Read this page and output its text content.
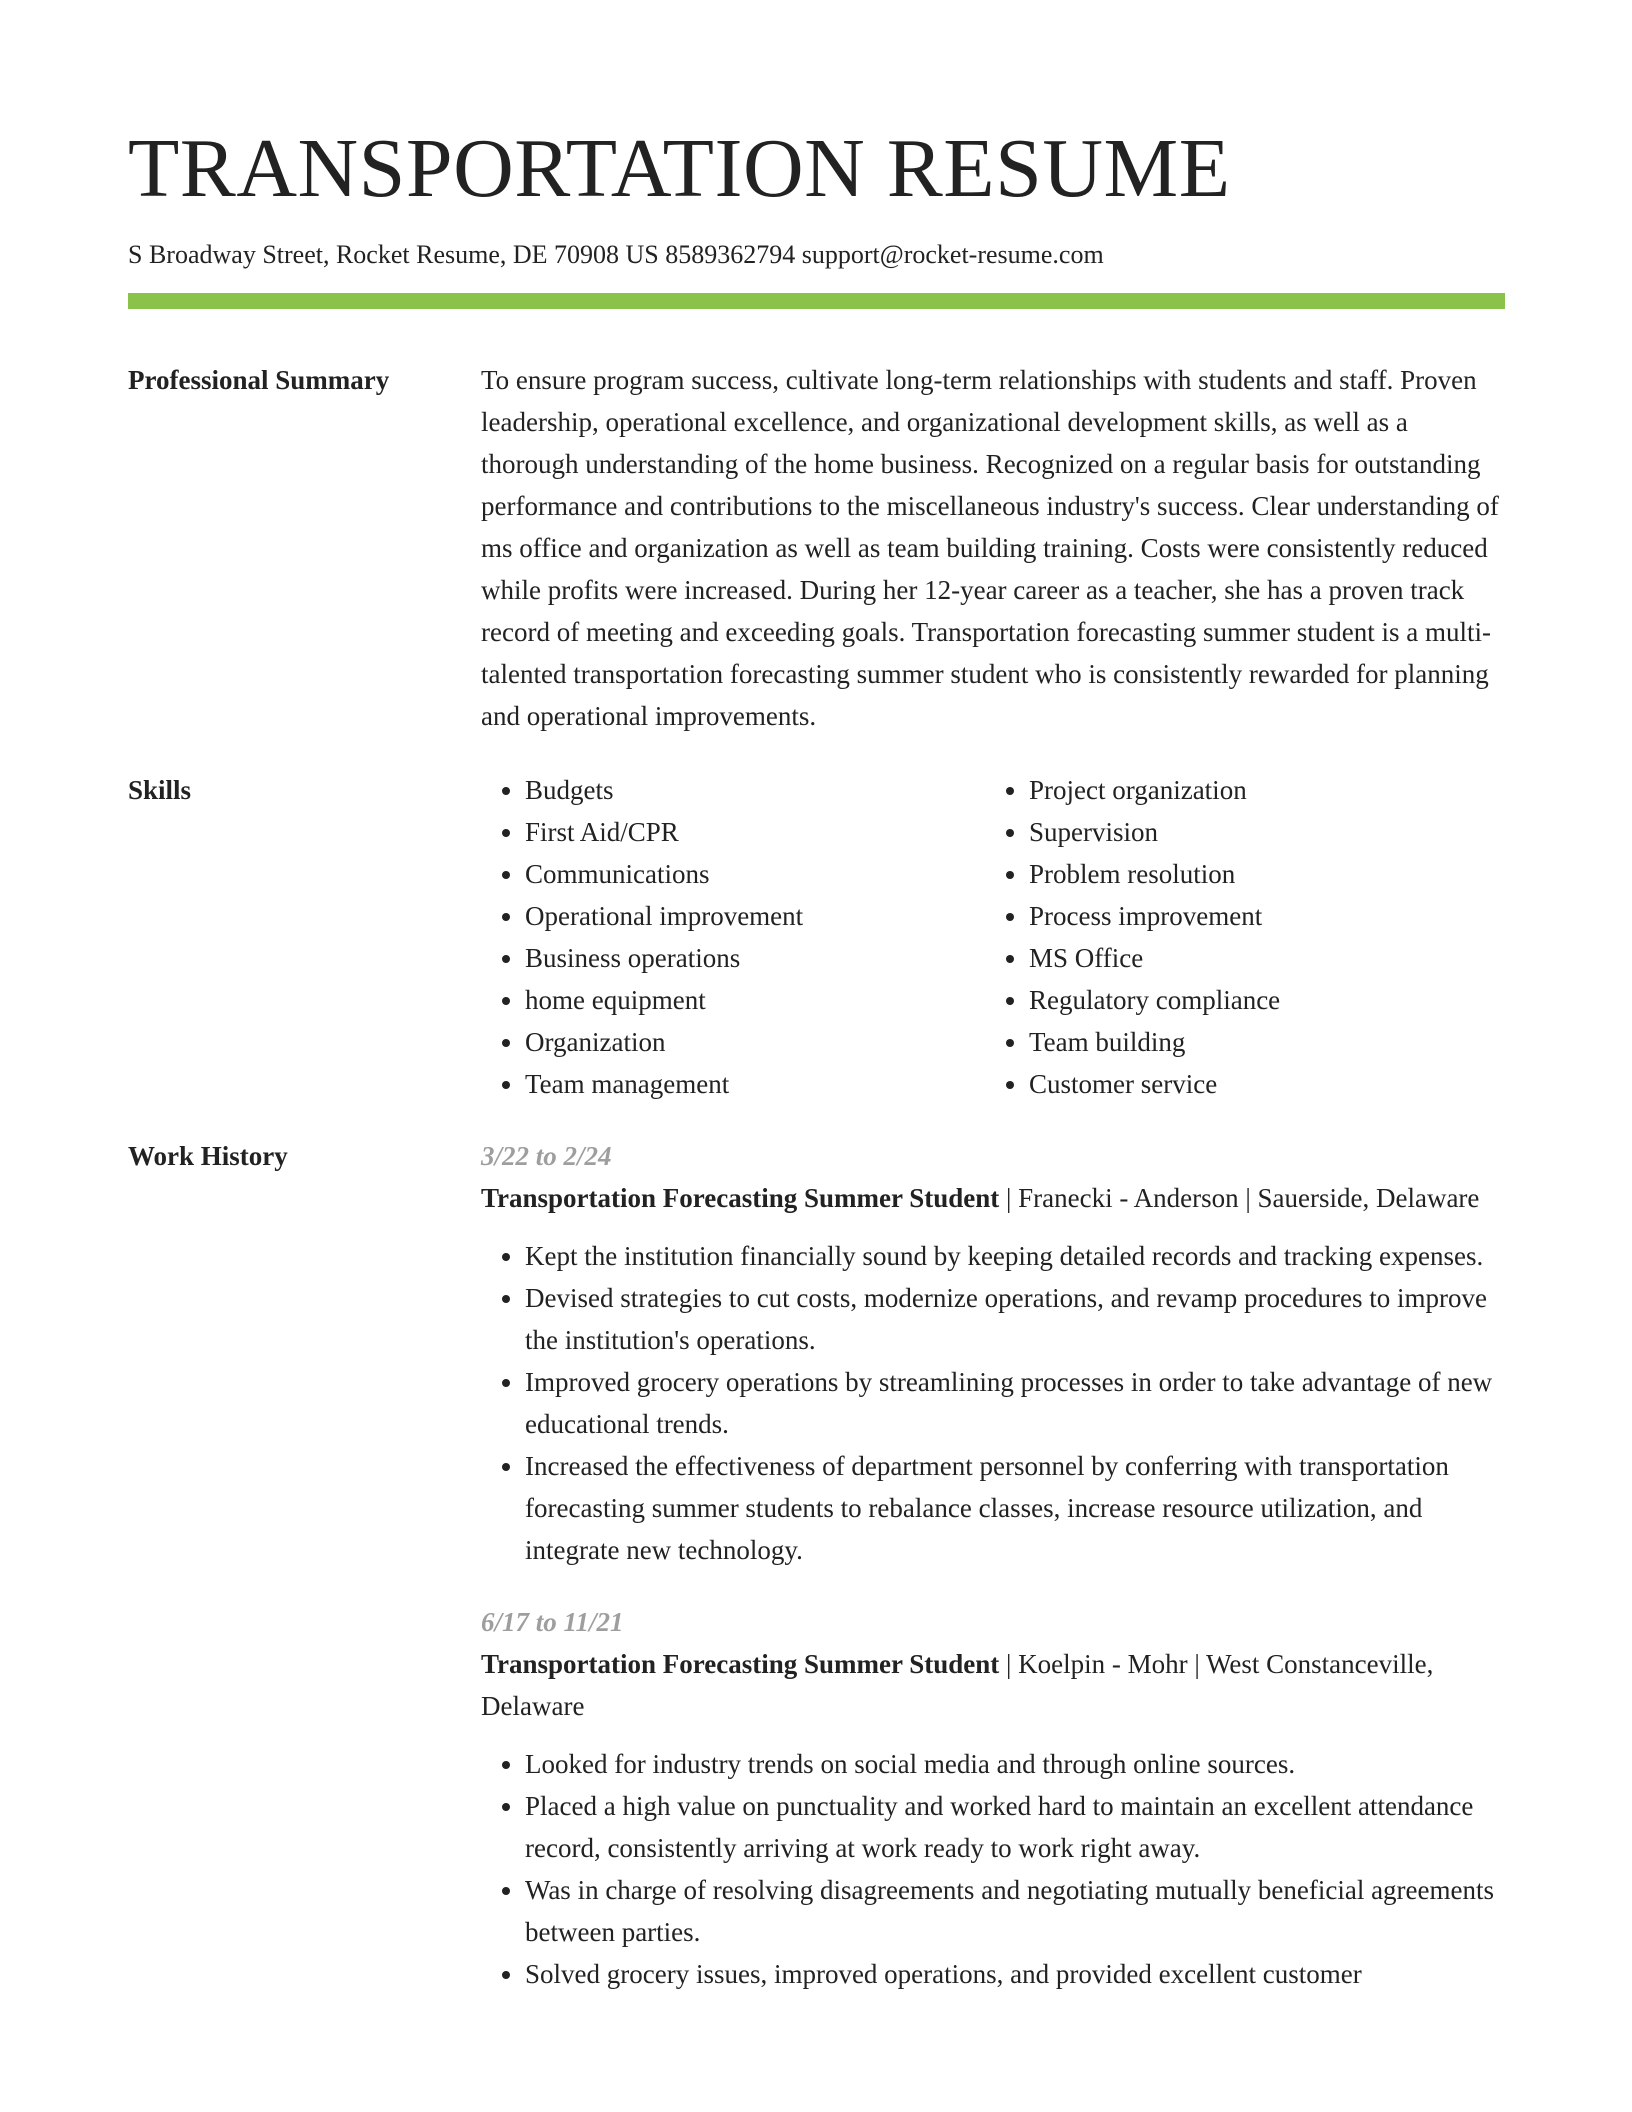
TRANSPORTATION RESUME
S Broadway Street, Rocket Resume, DE 70908 US 8589362794 support@rocket-resume.com
Professional Summary	To ensure program success, cultivate long-term relationships with students and staff. Proven leadership, operational excellence, and organizational development skills, as well as a thorough understanding of the home business. Recognized on a regular basis for outstanding performance and contributions to the miscellaneous industry's success. Clear understanding of ms office and organization as well as team building training. Costs were consistently reduced while profits were increased. During her 12-year career as a teacher, she has a proven track record of meeting and exceeding goals. Transportation forecasting summer student is a multi-talented transportation forecasting summer student who is consistently rewarded for planning and operational improvements.
Skills
•	Budgets
• First Aid/CPR
• Communications
• Operational improvement
• Business operations
• home equipment
• Organization
• Team management
• Project organization
• Supervision
• Problem resolution
• Process improvement
• MS Office
• Regulatory compliance
• Team building
• Customer service
Work History	3/22 to 2/24
Transportation Forecasting Summer Student | Franecki - Anderson | Sauerside, Delaware
• Kept the institution financially sound by keeping detailed records and tracking expenses.
• Devised strategies to cut costs, modernize operations, and revamp procedures to improve the institution's operations.
• Improved grocery operations by streamlining processes in order to take advantage of new educational trends.
• Increased the effectiveness of department personnel by conferring with transportation forecasting summer students to rebalance classes, increase resource utilization, and integrate new technology.
6/17 to 11/21
Transportation Forecasting Summer Student | Koelpin - Mohr | West Constanceville, Delaware
• Looked for industry trends on social media and through online sources.
• Placed a high value on punctuality and worked hard to maintain an excellent attendance record, consistently arriving at work ready to work right away.
• Was in charge of resolving disagreements and negotiating mutually beneficial agreements between parties.
• Solved grocery issues, improved operations, and provided excellent customer
